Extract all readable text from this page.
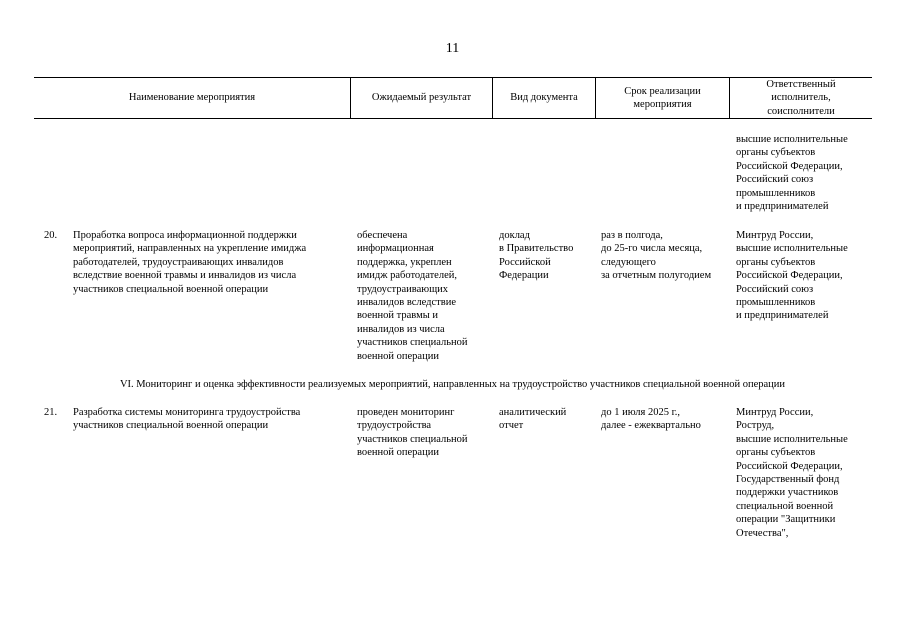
11
Наименование мероприятия	Ожидаемый результат	Вид документа
Срок реализации
мероприятия
Ответственный
исполнитель,
соисполнители
высшие исполнительные
органы субъектов
Российской Федерации,
Российский союз
промышленников
и предпринимателей
20. Проработка вопроса информационной поддержки
мероприятий, направленных на укрепление имиджа
работодателей, трудоустраивающих инвалидов
вследствие военной травмы и инвалидов из числа
участников специальной военной операции
обеспечена
информационная
поддержка, укреплен
имидж работодателей,
трудоустраивающих
инвалидов вследствие
военной травмы и
инвалидов из числа
участников специальной
военной операции
доклад
в Правительство
Российской
Федерации
раз в полгода,
до 25-го числа месяца,
следующего
за отчетным полугодием
Минтруд России,
высшие исполнительные
органы субъектов
Российской Федерации,
Российский союз
промышленников
и предпринимателей
VI. Мониторинг и оценка эффективности реализуемых мероприятий, направленных на трудоустройство участников специальной военной операции
21. Разработка системы мониторинга трудоустройства
участников специальной военной операции
проведен мониторинг
трудоустройства
участников специальной
военной операции
аналитический
отчет
до 1 июля 2025 г.,
далее - ежеквартально
Минтруд России,
Роструд,
высшие исполнительные
органы субъектов
Российской Федерации,
Государственный фонд
поддержки участников
специальной военной
операции "Защитники
Отечества",
